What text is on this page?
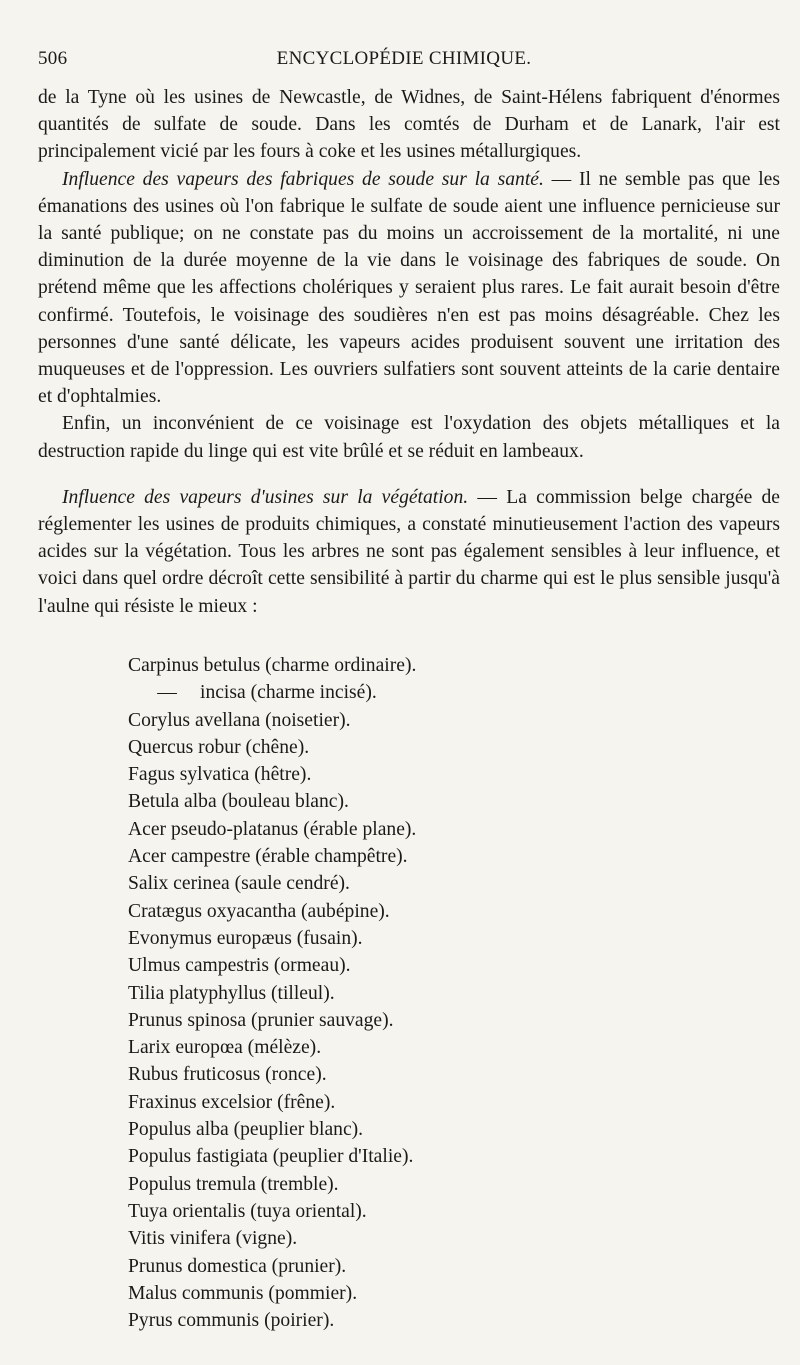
506	ENCYCLOPÉDIE CHIMIQUE.

de la Tyne où les usines de Newcastle, de Widnes, de Saint-Hélens fabriquent d'énormes quantités de sulfate de soude. Dans les comtés de Durham et de Lanark, l'air est principalement vicié par les fours à coke et les usines métallurgiques.

Influence des vapeurs des fabriques de soude sur la santé. — Il ne semble pas que les émanations des usines où l'on fabrique le sulfate de soude aient une influence pernicieuse sur la santé publique; on ne constate pas du moins un accroissement de la mortalité, ni une diminution de la durée moyenne de la vie dans le voisinage des fabriques de soude. On prétend même que les affections cholériques y seraient plus rares. Le fait aurait besoin d'être confirmé. Toutefois, le voisinage des soudières n'en est pas moins désagréable. Chez les personnes d'une santé délicate, les vapeurs acides produisent souvent une irritation des muqueuses et de l'oppression. Les ouvriers sulfatiers sont souvent atteints de la carie dentaire et d'ophtalmies.

Enfin, un inconvénient de ce voisinage est l'oxydation des objets métalliques et la destruction rapide du linge qui est vite brûlé et se réduit en lambeaux.

Influence des vapeurs d'usines sur la végétation. — La commission belge chargée de réglementer les usines de produits chimiques, a constaté minutieusement l'action des vapeurs acides sur la végétation. Tous les arbres ne sont pas également sensibles à leur influence, et voici dans quel ordre décroît cette sensibilité à partir du charme qui est le plus sensible jusqu'à l'aulne qui résiste le mieux :

Carpinus betulus (charme ordinaire).
— incisa (charme incisé).
Corylus avellana (noisetier).
Quercus robur (chêne).
Fagus sylvatica (hêtre).
Betula alba (bouleau blanc).
Acer pseudo-platanus (érable plane).
Acer campestre (érable champêtre).
Salix cerinea (saule cendré).
Cratægus oxyacantha (aubépine).
Evonymus europæus (fusain).
Ulmus campestris (ormeau).
Tilia platyphyllus (tilleul).
Prunus spinosa (prunier sauvage).
Larix europœa (mélèze).
Rubus fruticosus (ronce).
Fraxinus excelsior (frêne).
Populus alba (peuplier blanc).
Populus fastigiata (peuplier d'Italie).
Populus tremula (tremble).
Tuya orientalis (tuya oriental).
Vitis vinifera (vigne).
Prunus domestica (prunier).
Malus communis (pommier).
Pyrus communis (poirier).
